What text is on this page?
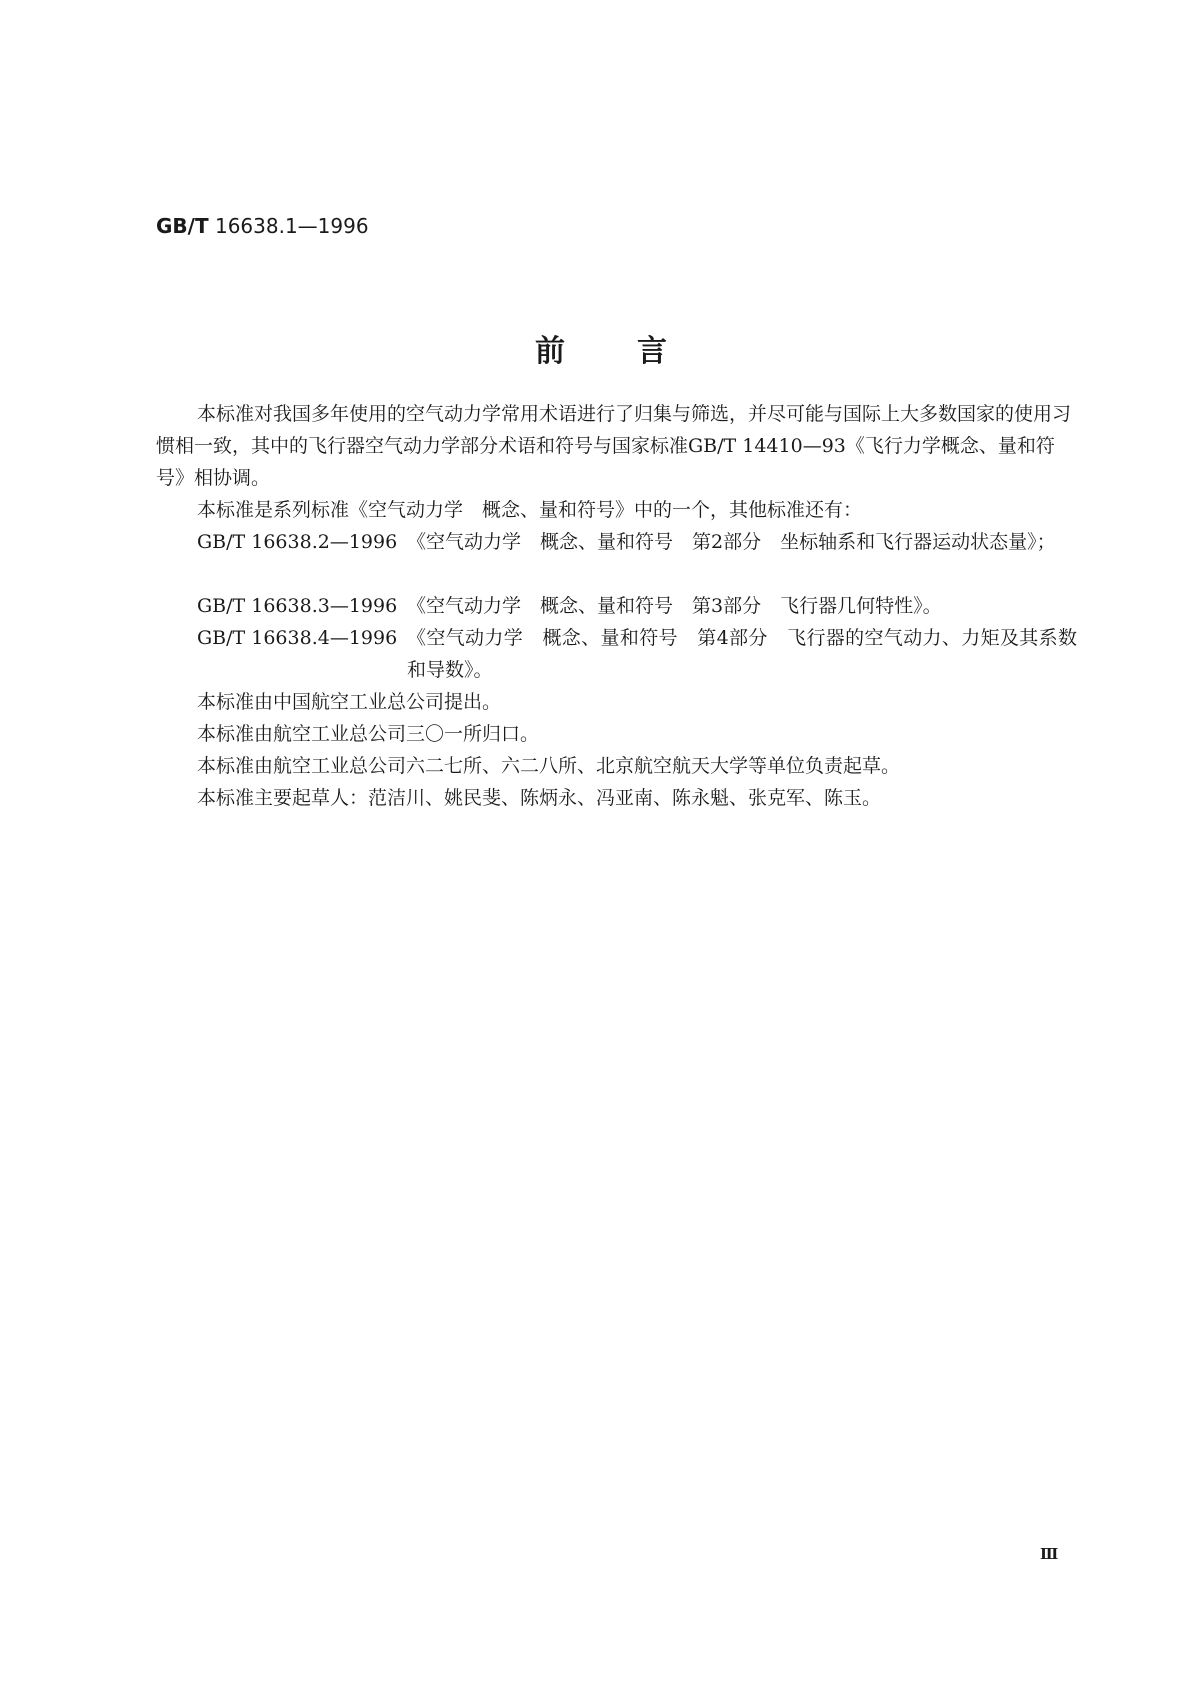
GB/T 16638.1—1996
前言
本标准对我国多年使用的空气动力学常用术语进行了归集与筛选，并尽可能与国际上大多数国家的使用习惯相一致，其中的飞行器空气动力学部分术语和符号与国家标准GB/T 14410—93《飞行力学概念、量和符号》相协调。
本标准是系列标准《空气动力学　概念、量和符号》中的一个，其他标准还有：
GB/T 16638.2—1996 《空气动力学　概念、量和符号　第2部分　坐标轴系和飞行器运动状态量》；
GB/T 16638.3—1996 《空气动力学　概念、量和符号　第3部分　飞行器几何特性》。
GB/T 16638.4—1996 《空气动力学　概念、量和符号　第4部分　飞行器的空气动力、力矩及其系数和导数》。
本标准由中国航空工业总公司提出。
本标准由航空工业总公司三〇一所归口。
本标准由航空工业总公司六二七所、六二八所、北京航空航天大学等单位负责起草。
本标准主要起草人：范洁川、姚民斐、陈炳永、冯亚南、陈永魁、张克军、陈玉。
Ⅲ
